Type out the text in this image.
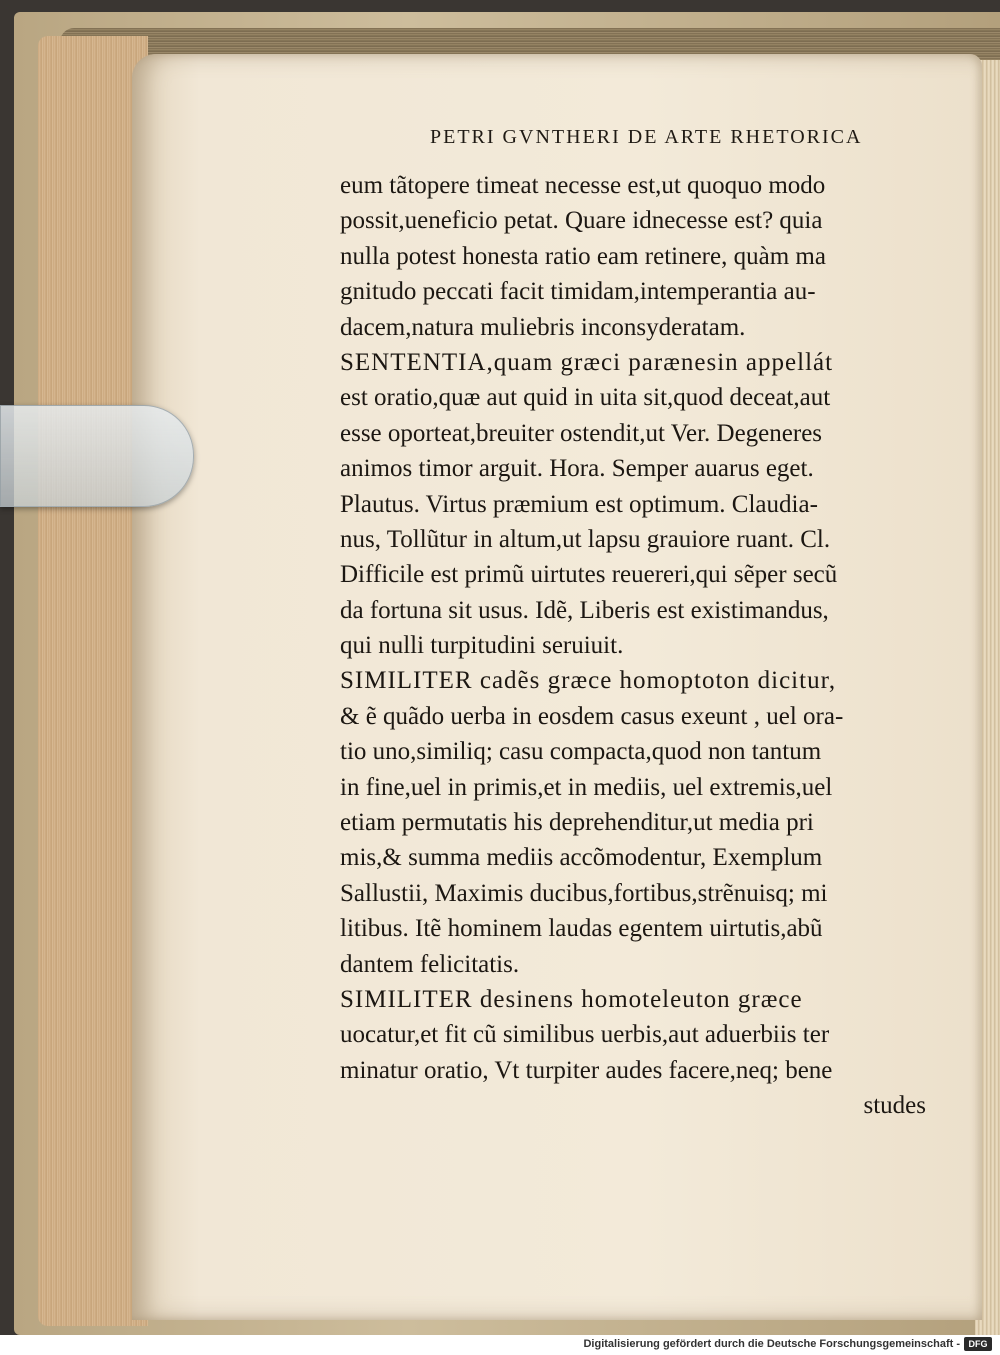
PETRI GVNTHERI DE ARTE RHETORICA
eum tãtopere timeat necesse est,ut quoquo modo
possit,ueneficio petat. Quare idnecesse est? quia
nulla potest honesta ratio eam retinere, quàm ma
gnitudo peccati facit timidam,intemperantia au-
dacem,natura muliebris inconsyderatam.
SENTENTIA,quam græci parænesin appellát
est oratio,quæ aut quid in uita sit,quod deceat,aut
esse oporteat,breuiter ostendit,ut Ver. Degeneres
animos timor arguit. Hora. Semper auarus eget.
Plautus. Virtus præmium est optimum. Claudia-
nus, Tollũtur in altum,ut lapsu grauiore ruant. Cl.
Difficile est primũ uirtutes reuereri,qui sẽper secũ
da fortuna sit usus. Idẽ, Liberis est existimandus,
qui nulli turpitudini seruiuit.
SIMILITER cadẽs græce homoptoton dicitur,
& ẽ quãdo uerba in eosdem casus exeunt , uel ora-
tio uno,similiq; casu compacta,quod non tantum
in fine,uel in primis,et in mediis, uel extremis,uel
etiam permutatis his deprehenditur,ut media pri
mis,& summa mediis accõmodentur, Exemplum
Sallustii, Maximis ducibus,fortibus,strẽnuisq; mi
litibus. Itẽ hominem laudas egentem uirtutis,abũ
dantem felicitatis.
SIMILITER desinens homoteleuton græce
uocatur,et fit cũ similibus uerbis,aut aduerbiis ter
minatur oratio, Vt turpiter audes facere,neq; bene
studes
Digitalisierung gefördert durch die Deutsche Forschungsgemeinschaft - DFG
